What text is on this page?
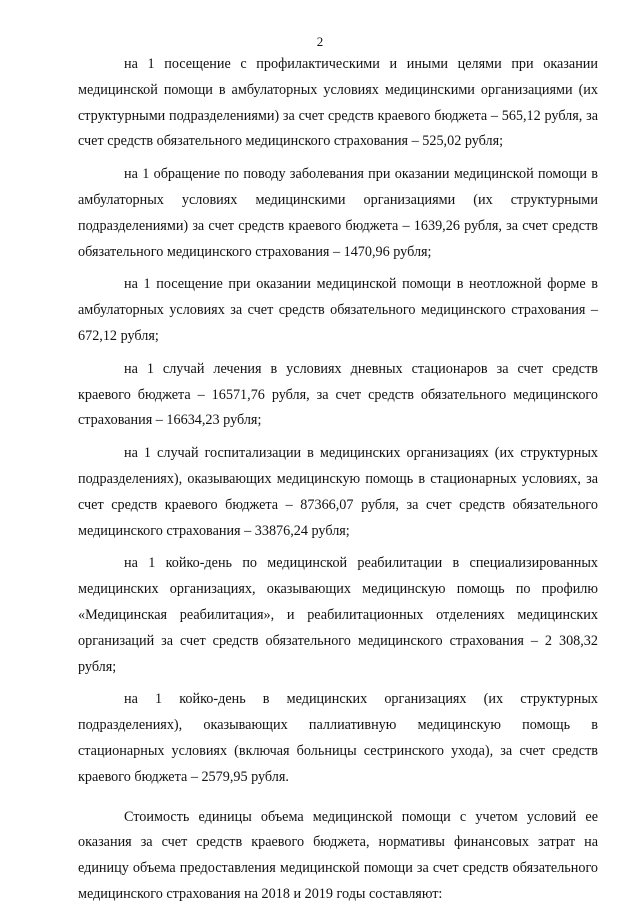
2

на 1 посещение с профилактическими и иными целями при оказании медицинской помощи в амбулаторных условиях медицинскими организациями (их структурными подразделениями) за счет средств краевого бюджета – 565,12 рубля, за счет средств обязательного медицинского страхования – 525,02 рубля;

на 1 обращение по поводу заболевания при оказании медицинской помощи в амбулаторных условиях медицинскими организациями (их структурными подразделениями) за счет средств краевого бюджета – 1639,26 рубля, за счет средств обязательного медицинского страхования – 1470,96 рубля;

на 1 посещение при оказании медицинской помощи в неотложной форме в амбулаторных условиях за счет средств обязательного медицинского страхования – 672,12 рубля;

на 1 случай лечения в условиях дневных стационаров за счет средств краевого бюджета – 16571,76 рубля, за счет средств обязательного медицинского страхования – 16634,23 рубля;

на 1 случай госпитализации в медицинских организациях (их структурных подразделениях), оказывающих медицинскую помощь в стационарных условиях, за счет средств краевого бюджета – 87366,07 рубля, за счет средств обязательного медицинского страхования – 33876,24 рубля;

на 1 койко-день по медицинской реабилитации в специализированных медицинских организациях, оказывающих медицинскую помощь по профилю «Медицинская реабилитация», и реабилитационных отделениях медицинских организаций за счет средств обязательного медицинского страхования – 2 308,32 рубля;

на 1 койко-день в медицинских организациях (их структурных подразделениях), оказывающих паллиативную медицинскую помощь в стационарных условиях (включая больницы сестринского ухода), за счет средств краевого бюджета – 2579,95 рубля.

Стоимость единицы объема медицинской помощи с учетом условий ее оказания за счет средств краевого бюджета, нормативы финансовых затрат на единицу объема предоставления медицинской помощи за счет средств обязательного медицинского страхования на 2018 и 2019 годы составляют:
